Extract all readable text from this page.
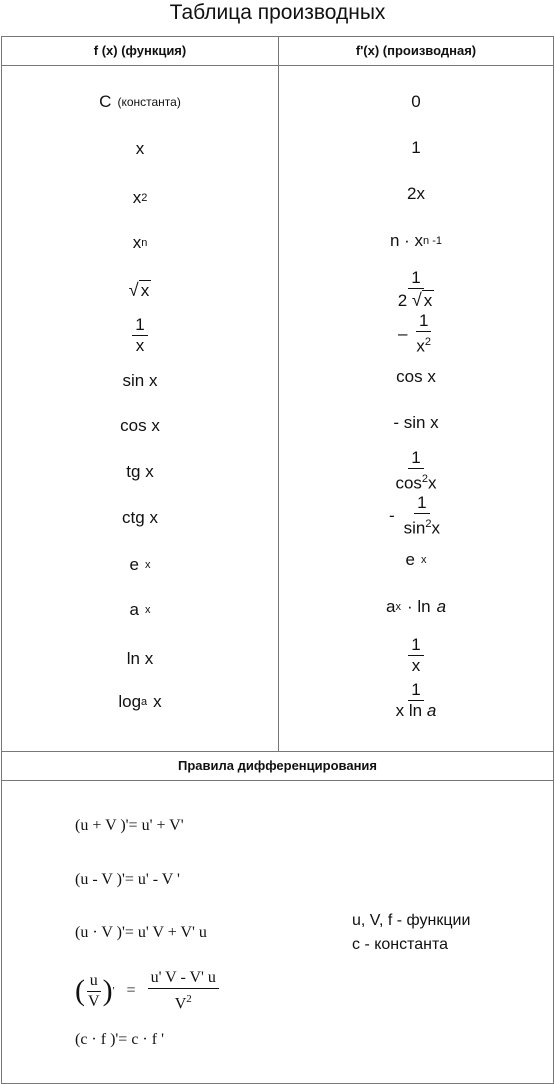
Таблица производных
f (x) (функция)	f'(x) (производная)
C (константа)	0
x	1
x 2	2x
x n	n · x n -1
√ x	$\frac{1}{2 √ x}$
$\frac{1}{x}$	– $\frac{1}{x^2}$
sin x	cos x
cos x	- sin x
tg x	$\frac{1}{\cos^2x}$
ctg x	- $\frac{1}{\sin^2x}$
e x	e x
a x	a x · ln a
ln x	$\frac{1}{x}$
log a x	$\frac{1}{\text{x ln a}}$
Правила дифференцирования
(u + V )'= u' + V'
(u - V )'= u' - V '
(u · V )'= u' V + V' u
( $\frac{u}{V}$ ) ' = $\frac{u' V - V' u}{V^2}$
(c · f )'= c · f '
u, V, f - функции
c - константа
